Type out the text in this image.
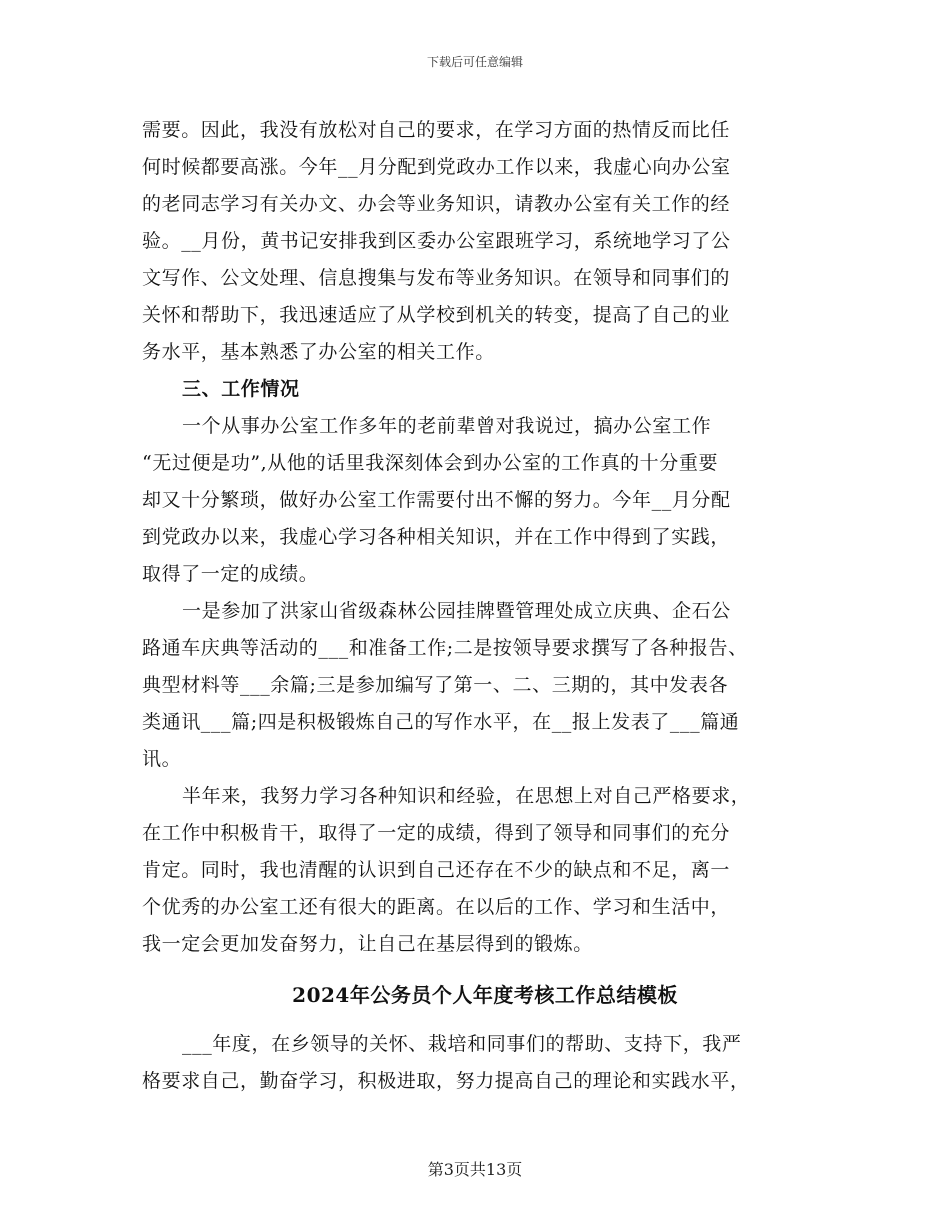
下载后可任意编辑
需要。因此，我没有放松对自己的要求，在学习方面的热情反而比任
何时候都要高涨。今年__月分配到党政办工作以来，我虚心向办公室
的老同志学习有关办文、办会等业务知识，请教办公室有关工作的经
验。__月份，黄书记安排我到区委办公室跟班学习，系统地学习了公
文写作、公文处理、信息搜集与发布等业务知识。在领导和同事们的
关怀和帮助下，我迅速适应了从学校到机关的转变，提高了自己的业
务水平，基本熟悉了办公室的相关工作。
三、工作情况
一个从事办公室工作多年的老前辈曾对我说过，搞办公室工作
“无过便是功”,从他的话里我深刻体会到办公室的工作真的十分重要
却又十分繁琐，做好办公室工作需要付出不懈的努力。今年__月分配
到党政办以来，我虚心学习各种相关知识，并在工作中得到了实践，
取得了一定的成绩。
一是参加了洪家山省级森林公园挂牌暨管理处成立庆典、企石公
路通车庆典等活动的___和准备工作;二是按领导要求撰写了各种报告、
典型材料等___余篇;三是参加编写了第一、二、三期的，其中发表各
类通讯___篇;四是积极锻炼自己的写作水平，在__报上发表了___篇通
讯。
半年来，我努力学习各种知识和经验，在思想上对自己严格要求，
在工作中积极肯干，取得了一定的成绩，得到了领导和同事们的充分
肯定。同时，我也清醒的认识到自己还存在不少的缺点和不足，离一
个优秀的办公室工还有很大的距离。在以后的工作、学习和生活中，
我一定会更加发奋努力，让自己在基层得到的锻炼。
2024年公务员个人年度考核工作总结模板
___年度，在乡领导的关怀、栽培和同事们的帮助、支持下，我严
格要求自己，勤奋学习，积极进取，努力提高自己的理论和实践水平，
第3页共13页
